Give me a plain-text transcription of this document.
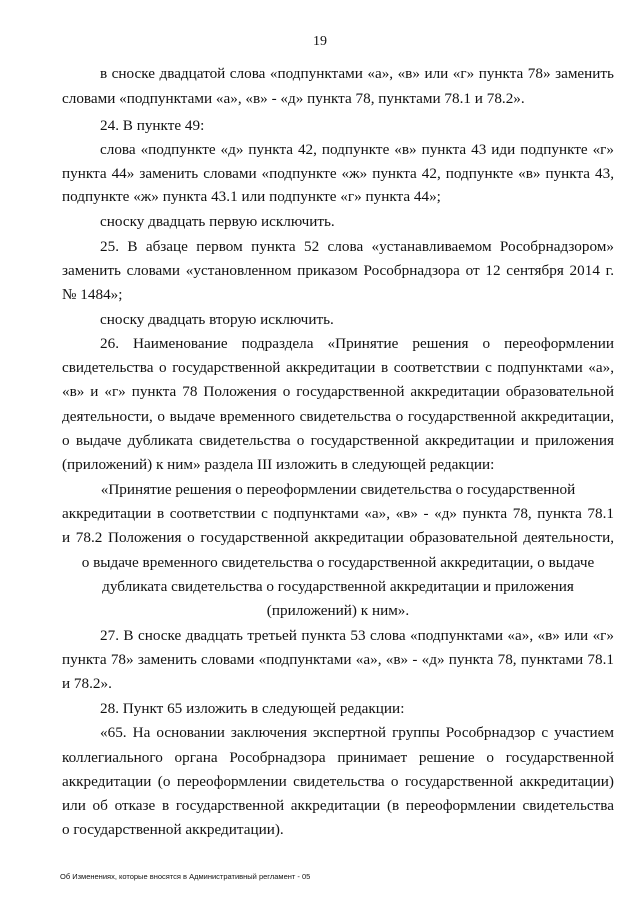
19
в сноске двадцатой слова «подпунктами «а», «в» или «г» пункта 78» заменить
словами «подпунктами «а», «в» - «д» пункта 78, пунктами 78.1 и 78.2».
24. В пункте 49:
слова «подпункте «д» пункта 42, подпункте «в» пункта 43 иди подпункте «г»
пункта 44» заменить словами «подпункте «ж» пункта 42, подпункте «в» пункта 43,
подпункте «ж» пункта 43.1 или подпункте «г» пункта 44»;
сноску двадцать первую исключить.
25. В абзаце первом пункта 52 слова «устанавливаемом Рособрнадзором»
заменить словами «установленном приказом Рособрнадзора от 12 сентября 2014 г.
№ 1484»;
сноску двадцать вторую исключить.
26. Наименование подраздела «Принятие решения о переоформлении
свидетельства о государственной аккредитации в соответствии с подпунктами «а»,
«в» и «г» пункта 78 Положения о государственной аккредитации образовательной
деятельности, о выдаче временного свидетельства о государственной аккредитации,
о выдаче дубликата свидетельства о государственной аккредитации и приложения
(приложений) к ним» раздела III изложить в следующей редакции:
«Принятие решения о переоформлении свидетельства о государственной
аккредитации в соответствии с подпунктами «а», «в» - «д» пункта 78, пункта 78.1
и 78.2 Положения о государственной аккредитации образовательной деятельности,
о выдаче временного свидетельства о государственной аккредитации, о выдаче
дубликата свидетельства о государственной аккредитации и приложения
(приложений) к ним».
27. В сноске двадцать третьей пункта 53 слова «подпунктами «а», «в» или «г»
пункта 78» заменить словами «подпунктами «а», «в» - «д» пункта 78, пунктами 78.1
и 78.2».
28. Пункт 65 изложить в следующей редакции:
«65. На основании заключения экспертной группы Рособрнадзор с участием
коллегиального органа Рособрнадзора принимает решение о государственной
аккредитации (о переоформлении свидетельства о государственной аккредитации)
или об отказе в государственной аккредитации (в переоформлении свидетельства
о государственной аккредитации).
Об Изменениях, которые вносятся в Административный регламент - 05
